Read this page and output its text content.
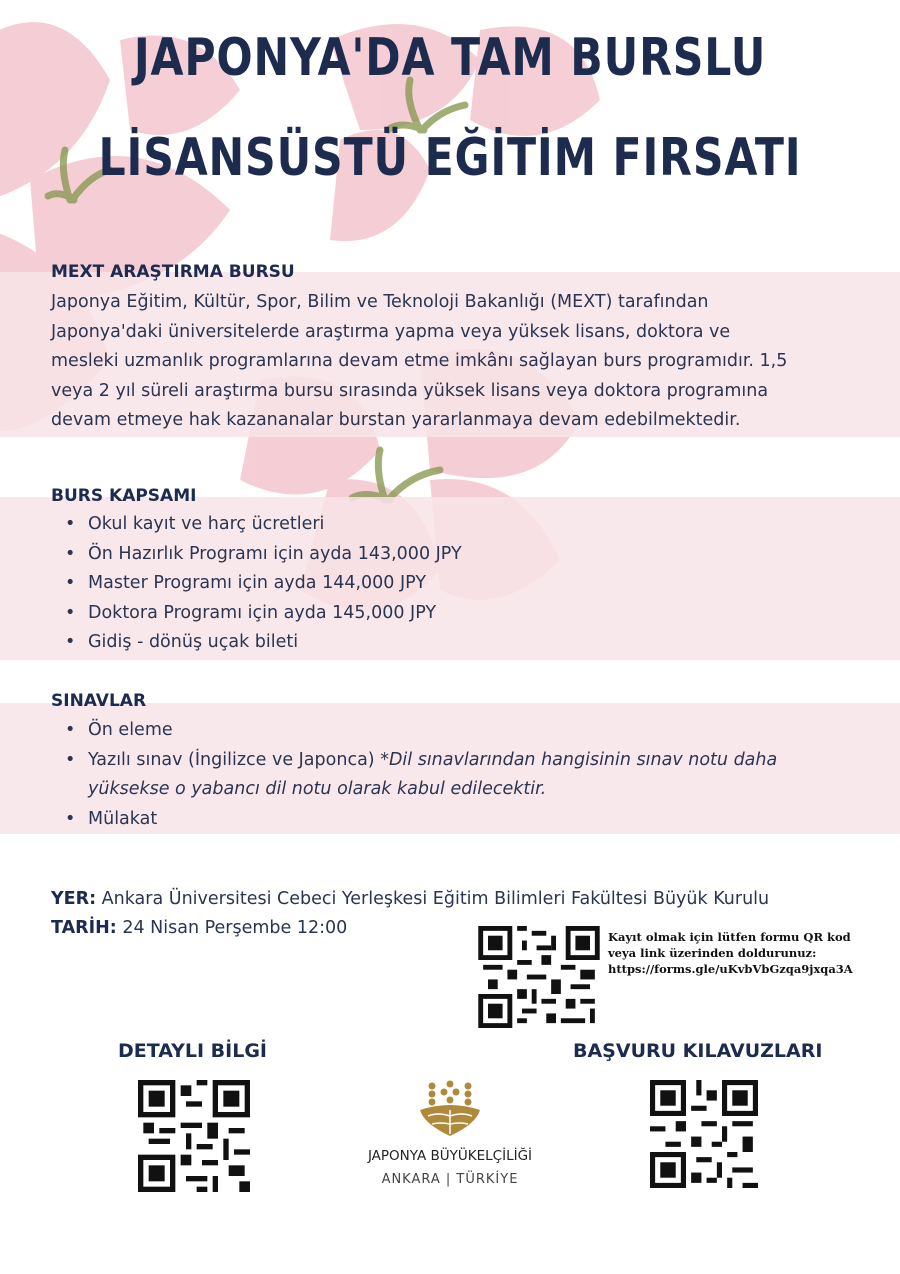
JAPONYA'DA TAM BURSLU
LİSANSÜSTÜ EĞİTİM FIRSATI
MEXT ARAŞTIRMA BURSU
Japonya Eğitim, Kültür, Spor, Bilim ve Teknoloji Bakanlığı (MEXT) tarafından
Japonya'daki üniversitelerde araştırma yapma veya yüksek lisans, doktora ve
mesleki uzmanlık programlarına devam etme imkânı sağlayan burs programıdır. 1,5
veya 2 yıl süreli araştırma bursu sırasında yüksek lisans veya doktora programına
devam etmeye hak kazananalar burstan yararlanmaya devam edebilmektedir.
BURS KAPSAMI
• Okul kayıt ve harç ücretleri
• Ön Hazırlık Programı için ayda 143,000 JPY
• Master Programı için ayda 144,000 JPY
• Doktora Programı için ayda 145,000 JPY
• Gidiş - dönüş uçak bileti
SINAVLAR
• Ön eleme
• Yazılı sınav (İngilizce ve Japonca) *Dil sınavlarından hangisinin sınav notu daha
yüksekse o yabancı dil notu olarak kabul edilecektir.
• Mülakat
YER: Ankara Üniversitesi Cebeci Yerleşkesi Eğitim Bilimleri Fakültesi Büyük Kurulu
TARİH: 24 Nisan Perşembe 12:00	Kayıt olmak için lütfen formu QR kod
veya link üzerinden doldurunuz:
https://forms.gle/uKvbVbGzqa9jxqa3A
DETAYLI BİLGİ	BAŞVURU KILAVUZLARI
JAPONYA BÜYÜKELÇİLİĞİ
ANKARA | TÜRKİYE
